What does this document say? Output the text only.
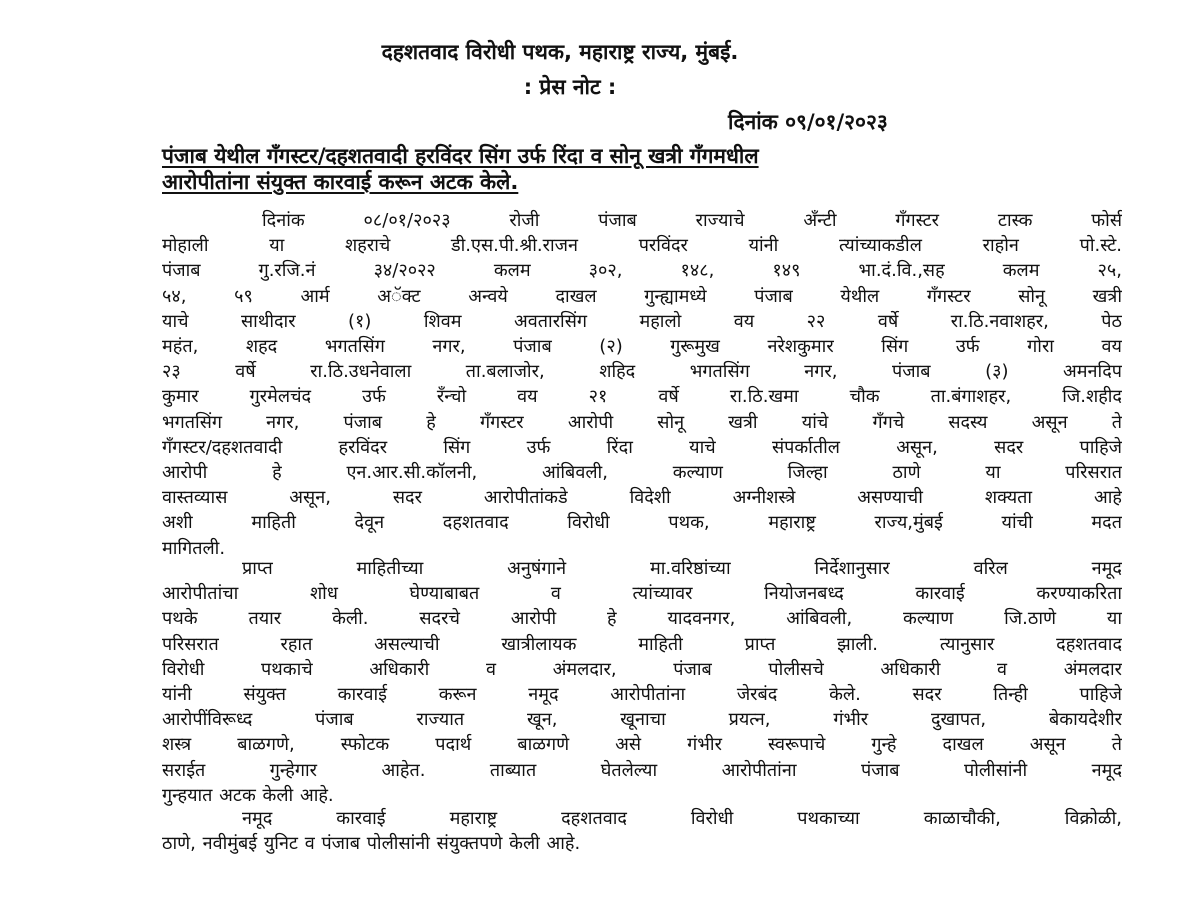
दहशतवाद विरोधी पथक, महाराष्ट्र राज्य, मुंबई.
: प्रेस नोट :
दिनांक ०९/०१/२०२३
पंजाब येथील गँगस्टर/दहशतवादी हरविंदर सिंग उर्फ रिंदा व सोनू खत्री गँगमधील
आरोपीतांना संयुक्त कारवाई करून अटक केले.
दिनांक ०८/०१/२०२३ रोजी पंजाब राज्याचे अँन्टी गँगस्टर टास्क फोर्स
मोहाली या शहराचे डी.एस.पी.श्री.राजन परविंदर यांनी त्यांच्याकडील राहोन पो.स्टे.
पंजाब गु.रजि.नं ३४/२०२२ कलम ३०२, १४८, १४९ भा.दं.वि.,सह कलम २५,
५४, ५९ आर्म अॅक्ट अन्वये दाखल गुन्ह्यामध्ये पंजाब येथील गँगस्टर सोनू खत्री
याचे साथीदार (१) शिवम अवतारसिंग महालो वय २२ वर्षे रा.ठि.नवाशहर, पेठ
महंत, शहद भगतसिंग नगर, पंजाब (२) गुरूमुख नरेशकुमार सिंग उर्फ गोरा वय
२३ वर्षे रा.ठि.उधनेवाला ता.बलाजोर, शहिद भगतसिंग नगर, पंजाब (३) अमनदिप
कुमार गुरमेलचंद उर्फ रँन्चो वय २१ वर्षे रा.ठि.खमा चौक ता.बंगाशहर, जि.शहीद
भगतसिंग नगर, पंजाब हे गँगस्टर आरोपी सोनू खत्री यांचे गँगचे सदस्य असून ते
गँगस्टर/दहशतवादी हरविंदर सिंग उर्फ रिंदा याचे संपर्कातील असून, सदर पाहिजे
आरोपी हे एन.आर.सी.कॉलनी, आंबिवली, कल्याण जिल्हा ठाणे या परिसरात
वास्तव्यास असून, सदर आरोपीतांकडे विदेशी अग्नीशस्त्रे असण्याची शक्यता आहे
अशी माहिती देवून दहशतवाद विरोधी पथक, महाराष्ट्र राज्य,मुंबई यांची मदत
मागितली.
प्राप्त माहितीच्या अनुषंगाने मा.वरिष्ठांच्या निर्देशानुसार वरिल नमूद
आरोपीतांचा शोध घेण्याबाबत व त्यांच्यावर नियोजनबध्द कारवाई करण्याकरिता
पथके तयार केली. सदरचे आरोपी हे यादवनगर, आंबिवली, कल्याण जि.ठाणे या
परिसरात रहात असल्याची खात्रीलायक माहिती प्राप्त झाली. त्यानुसार दहशतवाद
विरोधी पथकाचे अधिकारी व अंमलदार, पंजाब पोलीसचे अधिकारी व अंमलदार
यांनी संयुक्त कारवाई करून नमूद आरोपीतांना जेरबंद केले. सदर तिन्ही पाहिजे
आरोपींविरूध्द पंजाब राज्यात खून, खूनाचा प्रयत्न, गंभीर दुखापत, बेकायदेशीर
शस्त्र बाळगणे, स्फोटक पदार्थ बाळगणे असे गंभीर स्वरूपाचे गुन्हे दाखल असून ते
सराईत गुन्हेगार आहेत. ताब्यात घेतलेल्या आरोपीतांना पंजाब पोलीसांनी नमूद
गुन्हयात अटक केली आहे.
नमूद कारवाई महाराष्ट्र दहशतवाद विरोधी पथकाच्या काळाचौकी, विक्रोळी,
ठाणे, नवीमुंबई युनिट व पंजाब पोलीसांनी संयुक्तपणे केली आहे.
